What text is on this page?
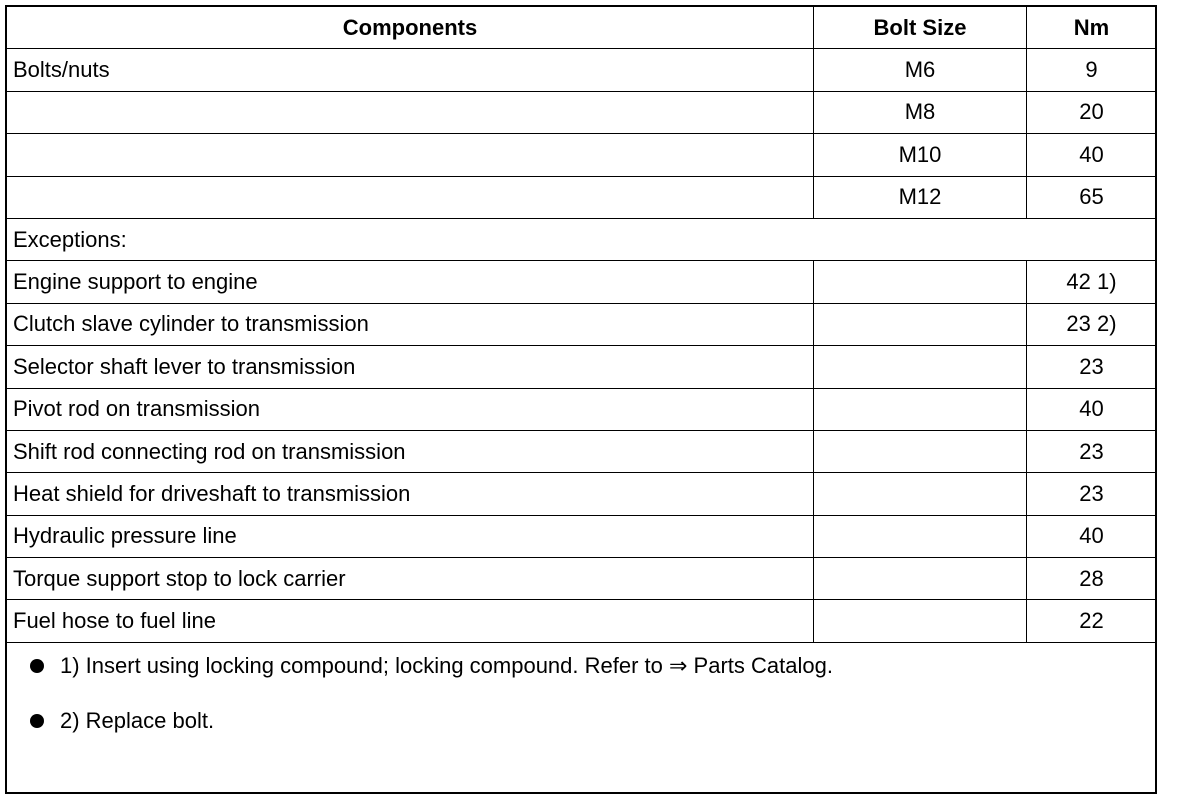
Components	Bolt Size	Nm
Bolts/nuts	M6	9
	M8	20
	M10	40
	M12	65
Exceptions:		
Engine support to engine		42 1)
Clutch slave cylinder to transmission		23 2)
Selector shaft lever to transmission		23
Pivot rod on transmission		40
Shift rod connecting rod on transmission		23
Heat shield for driveshaft to transmission		23
Hydraulic pressure line		40
Torque support stop to lock carrier		28
Fuel hose to fuel line		22
1) Insert using locking compound; locking compound. Refer to ⇒ Parts Catalog.
2) Replace bolt.
